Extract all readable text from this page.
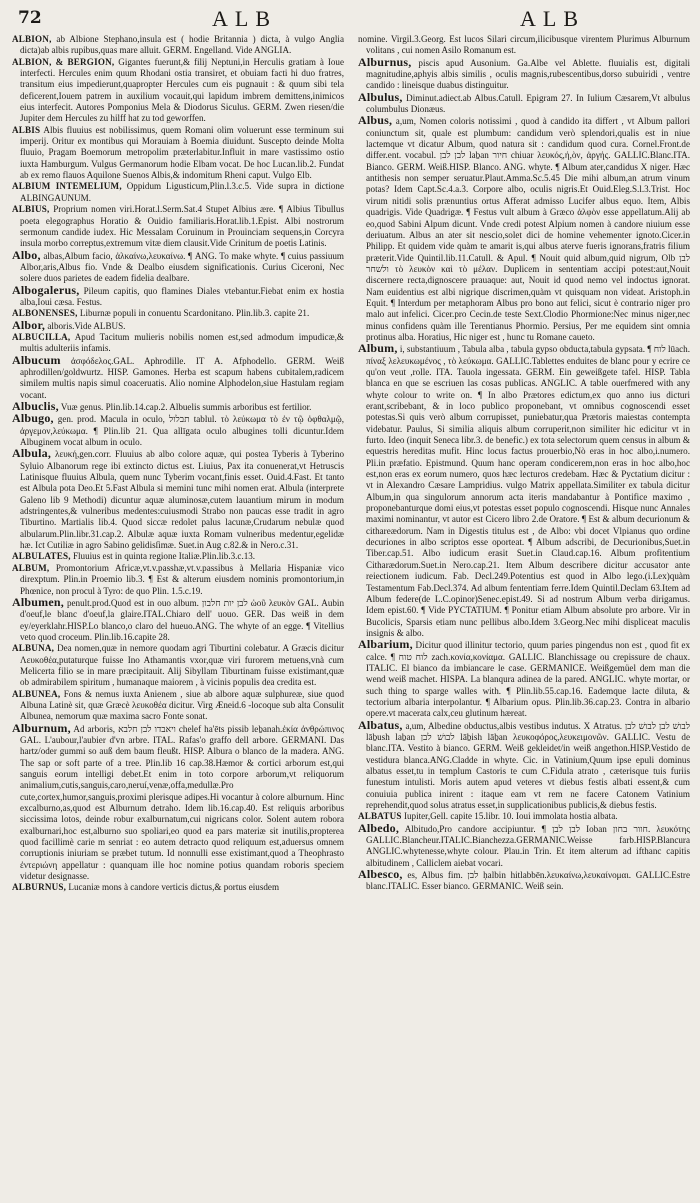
72	ALB	ALB

ALBION, ab Albione Stephano,insula est ( hodie Britannia ) dicta, à vulgo Anglia dicta)ab albis rupibus,quas mare alluit. GERM. Engelland. Vide ANGLIA.

ALBION, & BERGION, Gigantes fuerunt,& filij Neptuni,in Herculis gratiam à Ioue interfecti. Hercules enim quum Rhodani ostia transiret, et obuiam facti hi duo fratres, transitum eius impedierunt,quapropter Hercules cum eis pugnauit : & quum sibi tela deficerent,Iouem patrem in auxilium vocauit,qui lapidum imbrem demittens,inimicos eius interfecit. Autores Pomponius Mela & Diodorus Siculus. GERM. Zwen riesen/die Jupiter dem Hercules zu hilff hat zu tod geworffen.

ALBIS Albis fluuius est nobilissimus, quem Romani olim voluerunt esse terminum sui imperij. Oritur ex montibus qui Morauiam à Boemia diuidunt. Suscepto deinde Molta fluuio, Pragam Boemorum metropolim præterlabitur.Influit in mare vastissimo ostio iuxta Hamburgum. Vulgus Germanorum hodie Elbam vocat. De hoc Lucan.lib.2. Fundat ab ex remo flauos Aquilone Suenos Albis,& indomitum Rheni caput. Vulgo Elb.

ALBIUM INTEMELIUM, Oppidum Ligusticum,Plin.l.3.c.5. Vide supra in dictione ALBINGAUNUM.

ALBIUS, Proprium nomen viri.Horat.l.Serm.Sat.4 Stupet Albius ære. ¶ Albius Tibullus poeta elegographus Horatio & Ouidio familiaris.Horat.lib.1.Epist. Albi nostrorum sermonum candide iudex. Hic Messalam Coruinum in Prouinciam sequens,in Corcyra insula morbo correptus,extremum vitæ diem clausit.Vide Crinitum de poetis Latinis.

Albo, albas,Album facio, ἀλκαίνω,λευκαίνω. ¶ ANG. To make whyte. ¶ cuius passiuum Albor,aris,Albus fio. Vnde & Dealbo eiusdem significationis. Curius Ciceroni, Nec solere duos parietes de eadem fidelia dealbare.

Albogalerus, Pileum capitis, quo flamines Diales vtebantur.Fiebat enim ex hostia alba,Ioui cæsa. Festus.

ALBONENSES, Liburnæ populi in conuentu Scardonitano. Plin.lib.3. capite 21.

Albor, alboris.Vide ALBUS.

ALBUCILLA, Apud Tacitum mulieris nobilis nomen est,sed admodum impudicæ,& multis adulteriis infamis.

Albucum ἀσφόδελος.GAL. Aphrodille. IT A. Afphodello. GERM. Weiß aphrodillen/goldwurtz. HISP. Gamones. Herba est scapum habens cubitalem,radicem similem multis napis simul coaceruatis. Alio nomine Alphodelon,siue Hastulam regiam vocant.

Albuclis, Vuæ genus. Plin.lib.14.cap.2. Albuelis summis arboribus est fertilior.

Albugo, gen. prod. Macula in oculo, תבלול tablul. τὸ λεύκωμα τὸ ἐν τῷ ὀφθαλμῷ, ἀργεμον,λεύκωμα. ¶ Plin.lib 21. Qua allīgata oculo albugines tolli dicuntur.Idem Albuginem vocat album in oculo.

Albula, λευκή,gen.corr. Fluuius ab albo colore aquæ, qui postea Tyberis à Tyberino Syluio Albanorum rege ibi extincto dictus est. Liuius, Pax ita conuenerat,vt Hetruscis Latinisque fluuius Albula, quem nunc Tyberim vocant,finis esset. Ouid.4.Fast. Et tanto est Albula pota Deo.Et 5.Fast Albula si memini tunc mihi nomen erat. Albula (interprete Galeno lib 9 Methodi) dicuntur aquæ aluminosæ,cutem lauantium mirum in modum adstringentes,& vulneribus medentes:cuiusmodi Strabo non paucas esse tradit in agro Tiburtino. Martialis lib.4. Quod siccæ redolet palus lacunæ,Crudarum nebulæ quod albularum.Plin.libr.31.cap.2. Albulæ aquæ iuxta Romam vulneribus medentur,egelidæ hæ. Ict Cutiliæ in agro Sabino gelidisſimæ. Suet.in Aug c.82.& in Nero.c.31.

ALBULATES, Fluuius est in quinta regione Italiæ.Plin.lib.3.c.13.

ALBUM, Promontorium Africæ,vt.v.passhæ,vt.v.passibus à Mellaria Hispaniæ vico direxptum. Plin.in Proemio lib.3. ¶ Est & alterum eiusdem nominis promontorium,in Phœnice, non procul à Tyro: de quo Plin. 1.5.c.19.

Albumen, penult.prod.Quod est in ouo album. לבן יות חלבון ὠοῦ λευκὸν GAL. Aubin d'oeuf,le blanc d'oeuf,la glaire.ITAL.Chiaro dell' uouo. GER. Das weiß in dem ey/eyerklahr.HISP.Lo blanco,o claro del hueuo.ANG. The whyte of an egge. ¶ Vitellius veto quod croceum. Plin.lib.16.capite 28.

ALBUNA, Dea nomen,quæ in nemore quodam agri Tiburtini colebatur. A Græcis dicitur Λευκοθέα,putaturque fuisse Ino Athamantis vxor,quæ viri furorem metuens,vnà cum Melicerta filio se in mare præcipitauit. Alij Sibyllam Tiburtinam fuisse existimant,quæ ob admirabilem spiritum , humanaque maiorem , à vicinis populis dea credita est.

ALBUNEA, Fons & nemus iuxta Anienem , siue ab albore aquæ sulphureæ, siue quod Albuna Latinè sit, quæ Græcè λευκοθέα dicitur. Virg Æneid.6 -locoque sub alta Consulit Albunea, nemorum quæ maxima sacro Fonte sonat.

Alburnum, Ad arboris, ויאבדו לבן חלבא chelef ha'ēts pissib leḇanah.ἐκία ἀνθρώπινος GAL. L'aubour,l'aubier d'vn arbre. ITAL. Rafas'o graffo dell arbore. GERMANI. Das hartz/oder gummi so auß dem baum fleußt. HISP. Albura o blanco de la madera. ANG. The sap or soft parte of a tree. Plin.lib 16 cap.38.Hæmor & cortici arborum est,qui sanguis eorum intelligi debet.Et enim in toto corpore arborum,vt reliquorum animalium,cutis,sanguis,caro,neruí,venæ,offa,medullæ.Pro cute,cortex,humor,sanguis,proximi plerisque adipes.Hi vocantur à colore alburnum. Hinc excalburno,as,quod est Alburnum detraho. Idem lib.16.cap.40. Est reliquis arboribus siccissima lotos, deinde robur exalburnatum,cui nigricans color. Solent autem robora exalburnari,hoc est,alburno suo spoliari,eo quod ea pars materiæ sit inutilis,propterea quod facillimè carie m senriat : eo autem detracto quod reliquum est,aduersus omnem corruptionis iniuriam se præbet tutum. Id nonnulli esse existimant,quod a Theophrasto ἐντεριώνη appellatur : quanquam ille hoc nomine potius quandam roboris speciem videtur designasse.

ALBURNUS, Lucaniæ mons à candore verticis dictus,& portus eiusdem

nomine. Virgil.3.Georg. Est lucos Silari circum,ilicibusque virentem Plurimus Alburnum volitans , cui nomen Asilo Romanum est.

Alburnus, piscis apud Ausonium. Ga.Albe vel Ablette. fluuialis est, digitali magnitudine,aphyis albis similis , oculis magnis,rubescentibus,dorso subuiridi , ventre candido : lineisque duabus distinguitur.

Albulus, Diminut.adiect.ab Albus.Catull. Epigram 27. In Iulium Cæsarem,Vt albulus columbulus Dionæus.

Albus, a,um, Nomen coloris notissimi , quod à candido ita differt , vt Album pallori coniunctum sit, quale est plumbum: candidum verò splendori,qualis est in niue lactemque vt dicatur Album, quod natura sit : candidum quod cura. Cornel.Front.de differ.ent. vocabul. לבן לבן laḇan חיור chiuar λευκός,ή,ὸν, ἀργής. GALLIC.Blanc.ITA. Bianco. GERM. Weiß.HISP. Blanco. ANG. whyte. ¶ Album ater,candidus Χ niger. Hæc antithesis non semper seruatur.Plaut.Amma.Sc.5.45 Die mihi album,an atrum vinum potas? Idem Capt.Sc.4.a.3. Corpore albo, oculis nigris.Et Ouid.Eleg.S.l.3.Trist. Hoc virum nitidi solis prænuntius ortus Afferat admisso Lucifer albus equo. Item, Albis quadrigis. Vide Quadrigæ. ¶ Festus vult album à Græco ἀλφὸν esse appellatum.Alij ab eo,quod Sabini Alpum dicunt. Vnde credi potest Alpium nomen à candore niuium esse deriuatum. Albus an ater sit nescio,solet dici de homine vehementer ignoto.Cicer.in Philipp. Et quidem vide quàm te amarit is,qui albus aterve fueris ignorans,fratris filium præterit.Vide Quintil.lib.11.Catull. & Apul. ¶ Nouit quid album,quid nigrum, Olb לבן ולשחר τὸ λευκὸν καὶ τὸ μέλαν. Duplicem in sententiam accipi potest:aut,Nouit discernere recta,dignoscere prauaque: aut, Nouit id quod nemo vel indoctus ignorat. Nam euidentius est albi nigrique discrimen,quàm vt quisquam non videat. Aristoph.in Equit. ¶ Interdum per metaphoram Albus pro bono aut felici, sicut è contrario niger pro malo aut infelici. Cicer.pro Cecin.de teste Sext.Clodio Phormione:Nec minus niger,nec minus confidens quàm ille Terentianus Phormio. Persius, Per me equidem sint omnia protinus alba. Horatius, Hic niger est , hunc tu Romane caueto.

Album, i, substantiuum , Tabula alba , tabula gypso obducta,tabula gypsata. ¶ לוח lūach. πίναξ λελευκωμένος , τὸ λεύκωμα. GALLIC.Tablettes enduites de blanc pour y ecrire ce qu'on veut ,rolle. ITA. Tauola ingessata. GERM. Ein geweißgete tafel. HISP. Tabla blanca en que se escriuen las cosas publicas. ANGLIC. A table ouerfmered with any whyte colour to write on. ¶ In albo Prætores edictum,ex quo anno ius dicturi erant,scribebant, & in loco publico proponebant, vt omnibus cognoscendi esset potestas.Si quis verò album corrupisset, puniebatur,qua Prætoris maiestas contempta videbatur. Paulus, Si similia aliquis album corruperit,non similiter hic edicitur vt in furto. Ideo (inquit Seneca libr.3. de benefic.) ex tota selectorum quem census in album & equestris hereditas mufit. Hinc locus factus prouerbio,Nò eras in hoc albo,i.numero. Pli.in præfatio. Epistmund. Quum hanc operam condicerem,non eras in hoc albo,hoc est,non eras ex eorum numero, quos hæc lecturos credebam. Hæc & Pyctatium dicitur : vt in Alexandro Cæsare Lampridius. vulgo Matrix appellata.Similiter ex tabula dicitur Album,in qua singulorum annorum acta iteris mandabantur à Pontifice maximo , proponebanturque domi eius,vt potestas esset populo cognoscendi. Hisque nunc Annales maximi nominantur, vt autor est Cicero libro 2.de Oratore. ¶ Est & album decurionum & cithareædorum. Nam in Digestis titulus est , de Albo: vbi docet Vlpianus quo ordine decuriones in albo scriptos esse oporteat. ¶ Album adscribi, de Decurionibus,Suet.in Tiber.cap.51. Albo iudicum erasit Suet.in Claud.cap.16. Album profitentium Citharædorum.Suet.in Nero.cap.21. Item Album describere dicitur accusator ante reiectionem iudicum. Fab. Decl.249.Potentius est quod in Albo lego.(i.Lex)quàm Testamentum Fab.Decl.374. Ad album fententiam ferre.Idem Quintil.Declam 63.Item ad Album federe(de L.C.opinor)Senec.epist.49. Si ad nostrum Album verba dirigamus. Idem epist.60. ¶ Vide PYCTATIUM. ¶ Ponitur etiam Album absolute pro arbore. Vir in Bucolicis, Sparsis etiam nunc pellibus albo.Idem 3.Georg.Nec mihi displiceat maculis insignis & albo.

Albarium, Dicitur quod illinitur tectorio, quum paries pingendus non est , quod fit ex calce. ¶ לוח טוח zach.κονία,κονίαμα. GALLIC. Blanchissage ou crepissure de chaux. ITALIC. El bianco da imbiancare le case. GERMANICE. Weißgemüel dem man die wend weiß machet. HISPA. La blanqura adinea de la pared. ANGLIC. whyte mortar, or such thing to sparge walles with. ¶ Plin.lib.55.cap.16. Eademque lacte diluta, & tectorium albaria interpolantur. ¶ Albarium opus. Plin.lib.36.cap.23. Contra in albario opere.vt macerata calx,ceu glutinum hæreat.

Albatus, a,um, Albedine obductus,albis vestibus indutus. Χ Atratus. לבושׁ לבן לבושׁ לבן lāḇush laḇan לבושׁ לבן lāḇish lāḇan λευκοφόρος,λευκειμονῶν. GALLIC. Vestu de blanc.ITA. Vestito à bianco. GERM. Weiß gekleidet/in weiß angethon.HISP.Vestido de vestidura blanca.ANG.Cladde in whyte. Cic. in Vatinium,Quum ipse epuli dominus albatus esset,tu in templum Castoris te cum C.Fidula atrato , cæterisque tuis furiis funestum intulisti. Moris autem apud veteres vt diebus festis albati essent,& cum conuiuia publica inirent : itaque eam vt rem ne facere Catonem Vatinium reprehendit,quod solus atratus esset,in supplicationibus publicis,& diebus festis.

ALBATUS Iupiter,Gell. capite 15.libr. 10. Ioui immolata hostia albata.

Albedo, Albitudo,Pro candore accipiuntur. ¶ לבן לבן Ioban חוור בחון. λευκότης GALLIC.Blancheur.ITALIC.Bianchezza.GERMANIC.Weisse farb.HISP.Blancura ANGLIC.whytenesse,whyte colour. Plau.in Trin. Et item alterum ad ifthanc capitis albitudinem , Calliclem aiebat vocari.

Albesco, es, Albus fim. לבן ḥalbin hitlabbēn.λευκαίνω,λευκαίνομαι. GALLIC.Estre blanc.ITALIC. Esser bianco. GERMANIC. Weiß sein.
